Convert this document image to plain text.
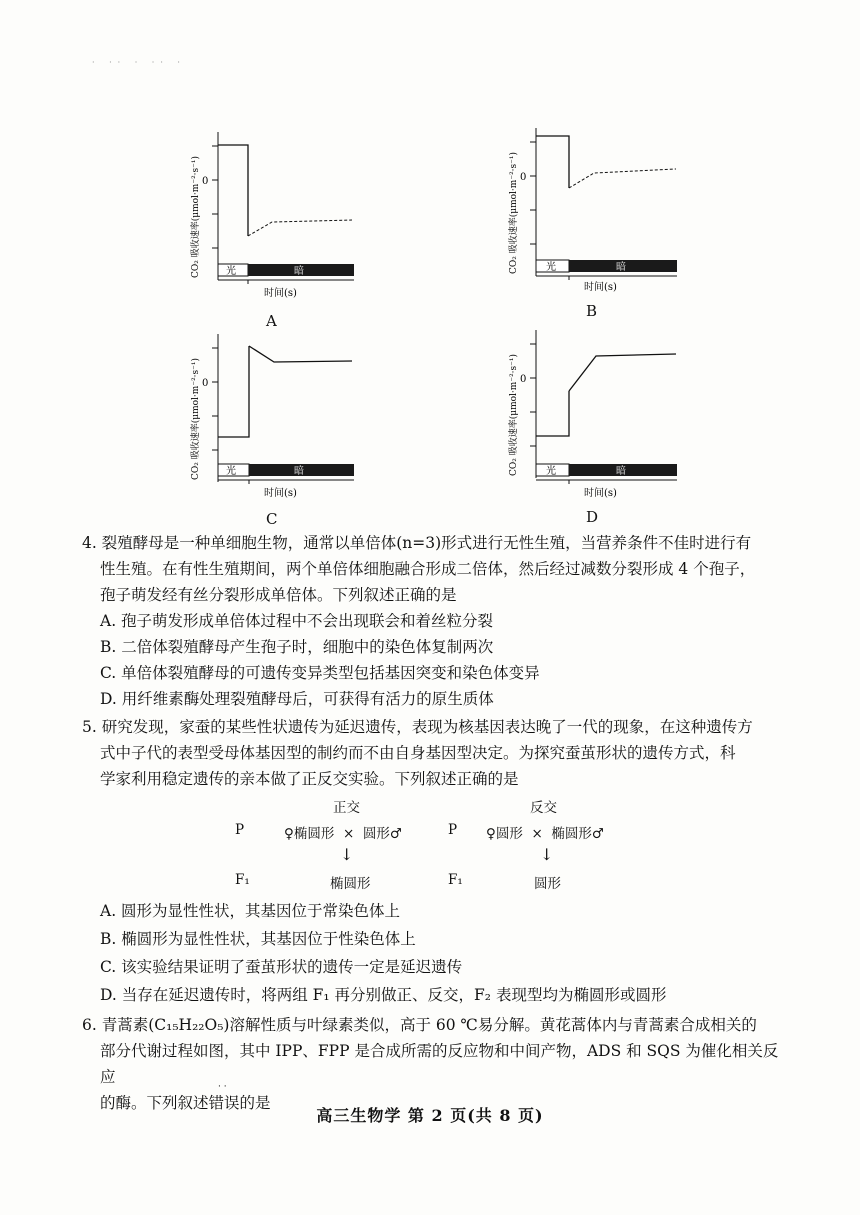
· ·· · ·· ·
CO₂ 吸收速率(μmol·m⁻²·s⁻¹) 0
光	暗
时间(s)
A
CO₂ 吸收速率(μmol·m⁻²·s⁻¹) 0
光	暗
时间(s)
B
CO₂ 吸收速率(μmol·m⁻²·s⁻¹) 0
光	暗
时间(s)
C
CO₂ 吸收速率(μmol·m⁻²·s⁻¹) 0
光	暗
时间(s)
D

4. 裂殖酵母是一种单细胞生物，通常以单倍体(n=3)形式进行无性生殖，当营养条件不佳时进行有

性生殖。在有性生殖期间，两个单倍体细胞融合形成二倍体，然后经过减数分裂形成 4 个孢子，

孢子萌发经有丝分裂形成单倍体。下列叙述正确的是

A. 孢子萌发形成单倍体过程中不会出现联会和着丝粒分裂
B. 二倍体裂殖酵母产生孢子时，细胞中的染色体复制两次
C. 单倍体裂殖酵母的可遗传变异类型包括基因突变和染色体变异
D. 用纤维素酶处理裂殖酵母后，可获得有活力的原生质体

5. 研究发现，家蚕的某些性状遗传为延迟遗传，表现为核基因表达晚了一代的现象，在这种遗传方

式中子代的表型受母体基因型的制约而不由自身基因型决定。为探究蚕茧形状的遗传方式，科

学家利用稳定遗传的亲本做了正反交实验。下列叙述正确的是

正交	反交
P	♀椭圆形  ×  圆形♂	P ♀圆形  ×  椭圆形♂
↓	↓
F₁	椭圆形	F₁	圆形
A. 圆形为显性性状，其基因位于常染色体上
B. 椭圆形为显性性状，其基因位于性染色体上
C. 该实验结果证明了蚕茧形状的遗传一定是延迟遗传
D. 当存在延迟遗传时，将两组 F₁ 再分别做正、反交，F₂ 表现型均为椭圆形或圆形

6. 青蒿素(C₁₅H₂₂O₅)溶解性质与叶绿素类似，高于 60 ℃易分解。黄花蒿体内与青蒿素合成相关的

部分代谢过程如图，其中 IPP、FPP 是合成所需的反应物和中间产物，ADS 和 SQS 为催化相关反应

的酶。下列叙述错误的是

· ·
高三生物学 第 2 页(共 8 页)
